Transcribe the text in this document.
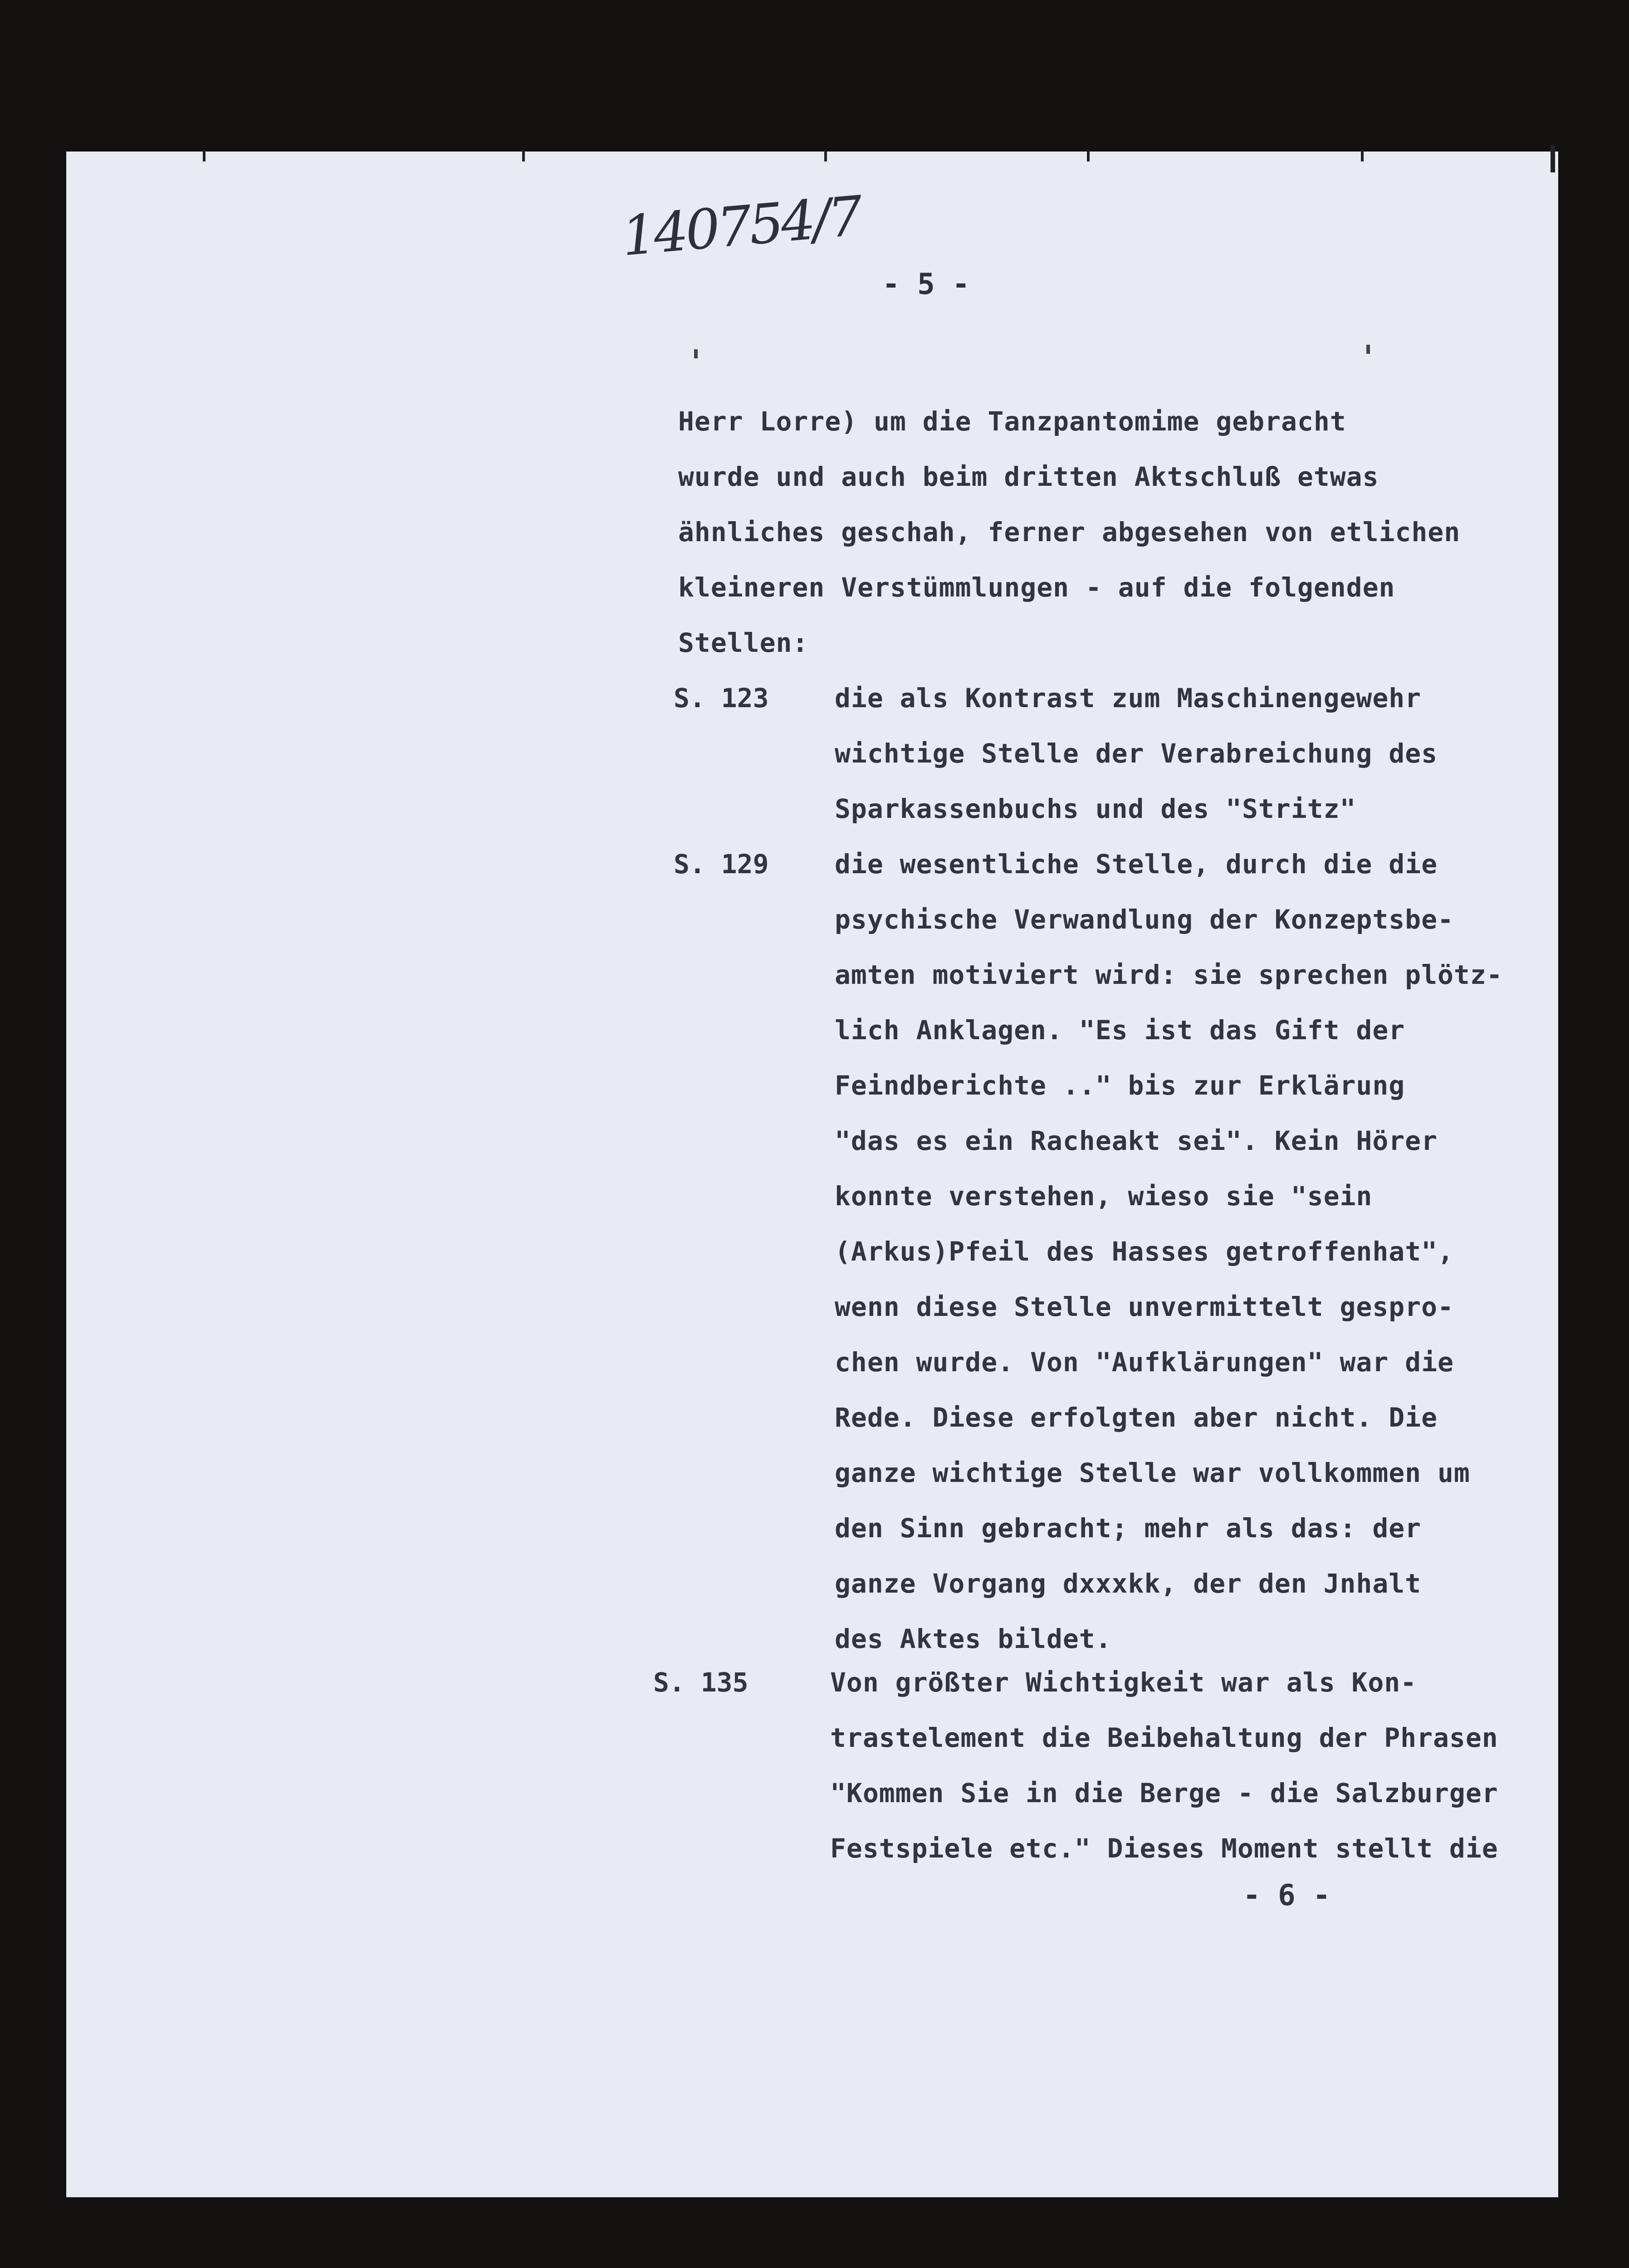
140754/7
- 5 -
Herr Lorre) um die Tanzpantomime gebracht
wurde und auch beim dritten Aktschluß etwas
ähnliches geschah, ferner abgesehen von etlichen
kleineren Verstümmlungen - auf die folgenden
Stellen:
S. 123	die als Kontrast zum Maschinengewehr
wichtige Stelle der Verabreichung des
Sparkassenbuchs und des "Stritz"
S. 129	die wesentliche Stelle, durch die die
psychische Verwandlung der Konzeptsbe-
amten motiviert wird: sie sprechen plötz-
lich Anklagen. "Es ist das Gift der
Feindberichte .." bis zur Erklärung
"das es ein Racheakt sei". Kein Hörer
konnte verstehen, wieso sie "sein
(Arkus)Pfeil des Hasses getroffenhat",
wenn diese Stelle unvermittelt gespro-
chen wurde. Von "Aufklärungen" war die
Rede. Diese erfolgten aber nicht. Die
ganze wichtige Stelle war vollkommen um
den Sinn gebracht; mehr als das: der
ganze Vorgang dxxxkk, der den Jnhalt
des Aktes bildet.
S. 135	Von größter Wichtigkeit war als Kon-
trastelement die Beibehaltung der Phrasen
"Kommen Sie in die Berge - die Salzburger
Festspiele etc." Dieses Moment stellt die
- 6 -
